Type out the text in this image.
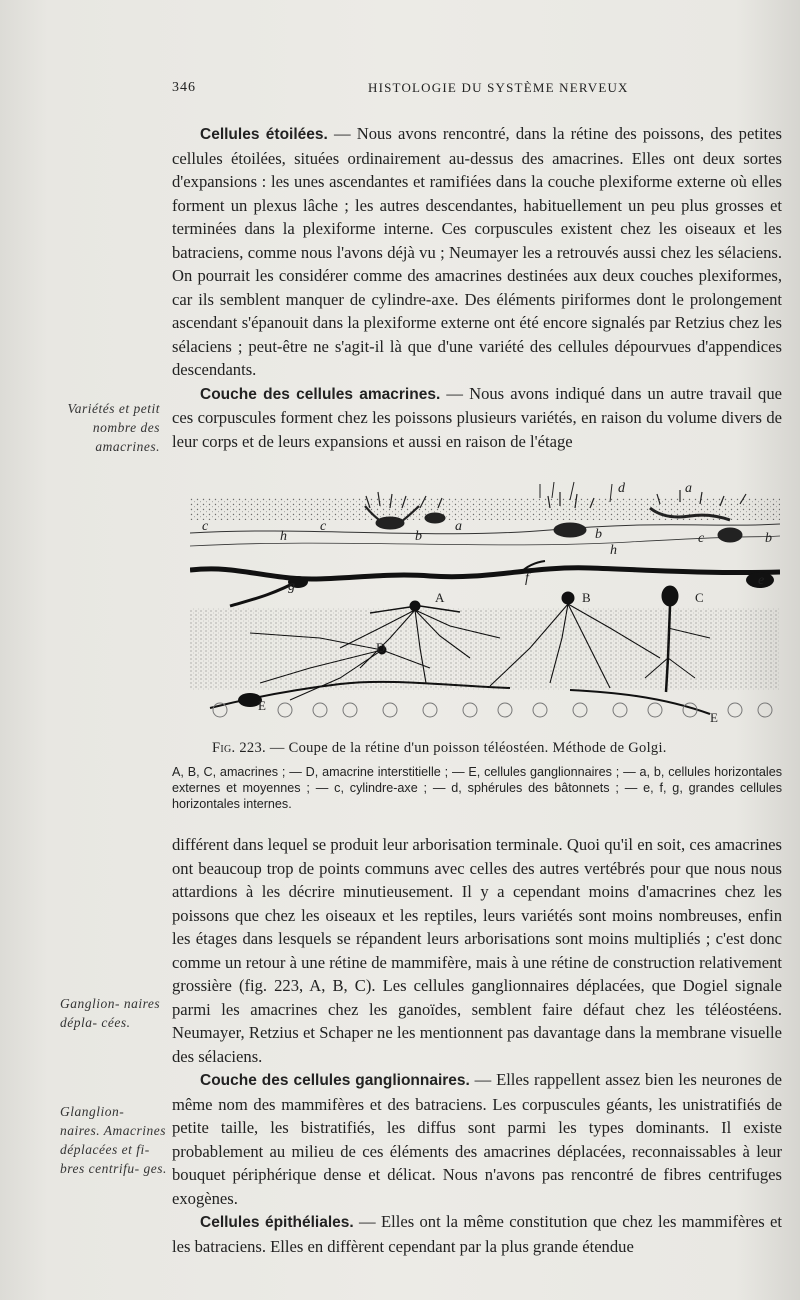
346	HISTOLOGIE DU SYSTÈME NERVEUX
Variétés et petit nombre des amacrines.
Ganglion- naires dépla- cées.
Glanglion- naires. Amacrines déplacées et fi- bres centrifu- ges.

Cellules étoilées. — Nous avons rencontré, dans la rétine des poissons, des petites cellules étoilées, situées ordinairement au-dessus des amacrines. Elles ont deux sortes d'expansions : les unes ascendantes et ramifiées dans la couche plexiforme externe où elles forment un plexus lâche ; les autres descendantes, habituellement un peu plus grosses et terminées dans la plexiforme interne. Ces corpuscules existent chez les oiseaux et les batraciens, comme nous l'avons déjà vu ; Neumayer les a retrouvés aussi chez les sélaciens. On pourrait les considérer comme des amacrines destinées aux deux couches plexiformes, car ils semblent manquer de cylindre-axe. Des éléments piriformes dont le prolongement ascendant s'épanouit dans la plexiforme externe ont été encore signalés par Retzius chez les sélaciens ; peut-être ne s'agit-il là que d'une variété des cellules dépourvues d'appendices descendants.

Couche des cellules amacrines. — Nous avons indiqué dans un autre travail que ces corpuscules forment chez les poissons plusieurs variétés, en raison du volume divers de leur corps et de leurs expansions et aussi en raison de l'étage

d	a
c	c	a
h	b	b	c	b
h
f
g	e
A	B	C
D
E
E
Fig. 223. — Coupe de la rétine d'un poisson téléostéen. Méthode de Golgi.

A, B, C, amacrines ; — D, amacrine interstitielle ; — E, cellules ganglionnaires ; — a, b, cellules horizontales externes et moyennes ; — c, cylindre-axe ; — d, sphérules des bâtonnets ; — e, f, g, grandes cellules horizontales internes.

différent dans lequel se produit leur arborisation terminale. Quoi qu'il en soit, ces amacrines ont beaucoup trop de points communs avec celles des autres vertébrés pour que nous nous attardions à les décrire minutieusement. Il y a cependant moins d'amacrines chez les poissons que chez les oiseaux et les reptiles, leurs variétés sont moins nombreuses, enfin les étages dans lesquels se répandent leurs arborisations sont moins multipliés ; c'est donc comme un retour à une rétine de mammifère, mais à une rétine de construction relativement grossière (fig. 223, A, B, C). Les cellules ganglionnaires déplacées, que Dogiel signale parmi les amacrines chez les ganoïdes, semblent faire défaut chez les téléostéens. Neumayer, Retzius et Schaper ne les mentionnent pas davantage dans la membrane visuelle des sélaciens.

Couche des cellules ganglionnaires. — Elles rappellent assez bien les neurones de même nom des mammifères et des batraciens. Les corpuscules géants, les unistratifiés de petite taille, les bistratifiés, les diffus sont parmi les types dominants. Il existe probablement au milieu de ces éléments des amacrines déplacées, reconnaissables à leur bouquet périphérique dense et délicat. Nous n'avons pas rencontré de fibres centrifuges exogènes.

Cellules épithéliales. — Elles ont la même constitution que chez les mammifères et les batraciens. Elles en diffèrent cependant par la plus grande étendue
